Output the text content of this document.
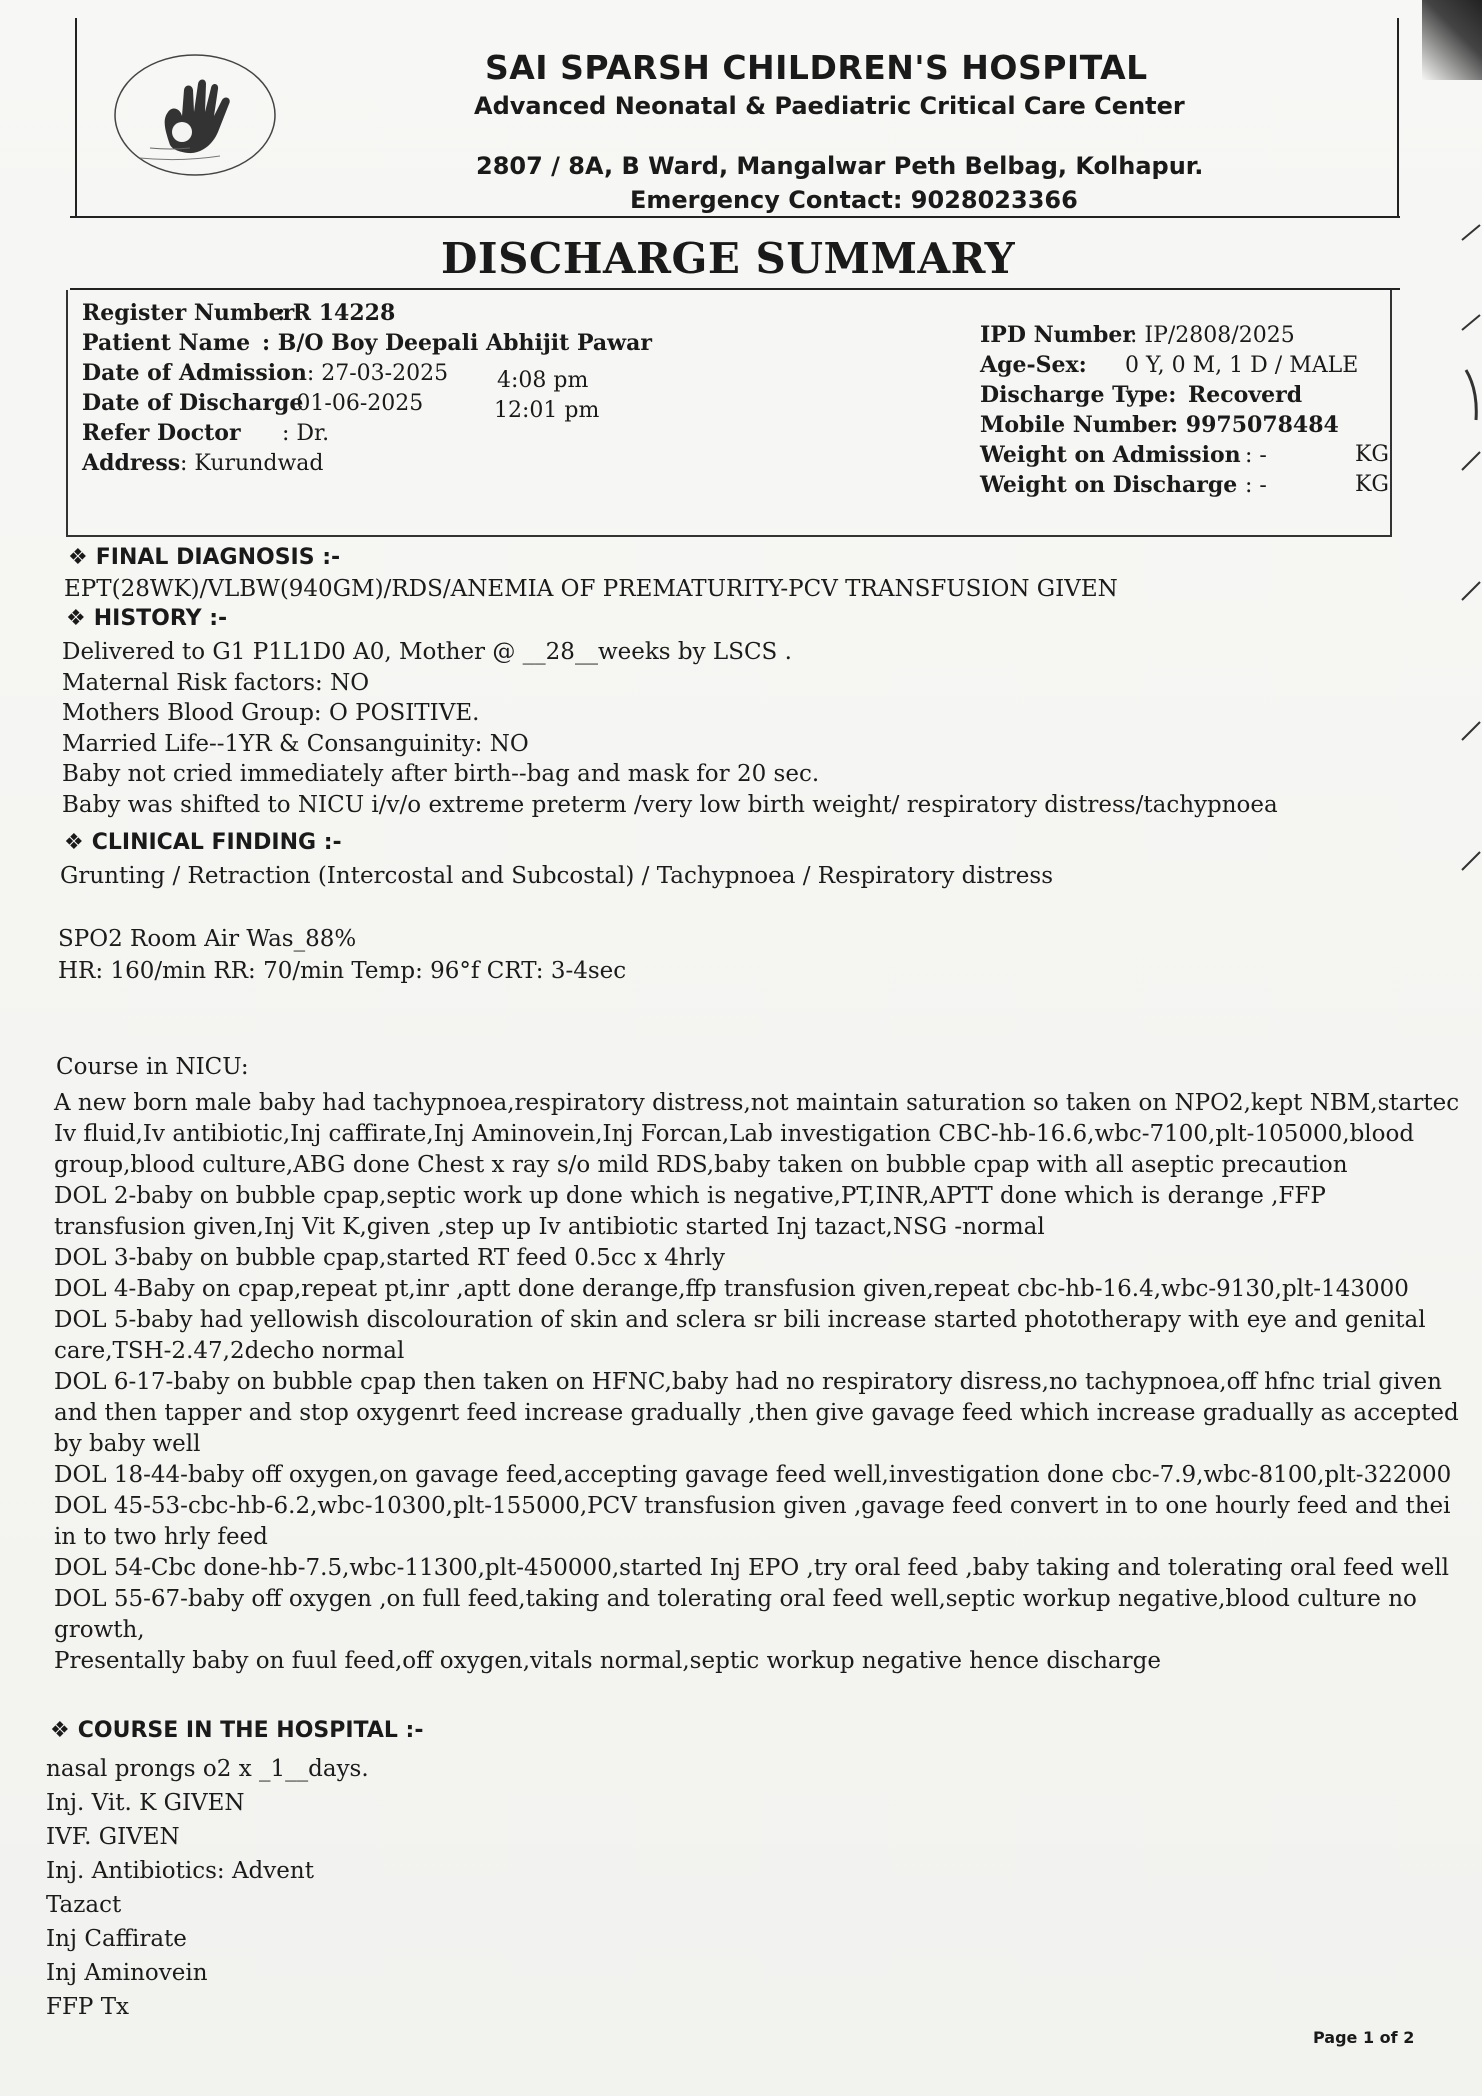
SAI SPARSH CHILDREN'S HOSPITAL
Advanced Neonatal & Paediatric Critical Care Center
2807 / 8A, B Ward, Mangalwar Peth Belbag, Kolhapur.
Emergency Contact: 9028023366
DISCHARGE SUMMARY
Register Number: R 14228
Patient Name : B/O Boy Deepali Abhijit Pawar
Date of Admission: 27-03-2025 4:08 pm
Date of Discharge: 01-06-2025	12:01 pm
Refer Doctor : Dr.
Address: Kurundwad
IPD Number: IP/2808/2025
Age-Sex: 0 Y, 0 M, 1 D / MALE
Discharge Type: Recoverd
Mobile Number: 9975078484
Weight on Admission : -	KG
Weight on Discharge : -	KG
❖ FINAL DIAGNOSIS :-
EPT(28WK)/VLBW(940GM)/RDS/ANEMIA OF PREMATURITY-PCV TRANSFUSION GIVEN
❖ HISTORY :-
Delivered to G1 P1L1D0 A0, Mother @ __28__weeks by LSCS .
Maternal Risk factors: NO
Mothers Blood Group: O POSITIVE.
Married Life--1YR & Consanguinity: NO
Baby not cried immediately after birth--bag and mask for 20 sec.
Baby was shifted to NICU i/v/o extreme preterm /very low birth weight/ respiratory distress/tachypnoea
❖ CLINICAL FINDING :-
Grunting / Retraction (Intercostal and Subcostal) / Tachypnoea / Respiratory distress
SPO2 Room Air Was_88%
HR: 160/min RR: 70/min Temp: 96°f CRT: 3-4sec
Course in NICU:
A new born male baby had tachypnoea,respiratory distress,not maintain saturation so taken on NPO2,kept NBM,startec
Iv fluid,Iv antibiotic,Inj caffirate,Inj Aminovein,Inj Forcan,Lab investigation CBC-hb-16.6,wbc-7100,plt-105000,blood
group,blood culture,ABG done Chest x ray s/o mild RDS,baby taken on bubble cpap with all aseptic precaution
DOL 2-baby on bubble cpap,septic work up done which is negative,PT,INR,APTT done which is derange ,FFP
transfusion given,Inj Vit K,given ,step up Iv antibiotic started Inj tazact,NSG -normal
DOL 3-baby on bubble cpap,started RT feed 0.5cc x 4hrly
DOL 4-Baby on cpap,repeat pt,inr ,aptt done derange,ffp transfusion given,repeat cbc-hb-16.4,wbc-9130,plt-143000
DOL 5-baby had yellowish discolouration of skin and sclera sr bili increase started phototherapy with eye and genital
care,TSH-2.47,2decho normal
DOL 6-17-baby on bubble cpap then taken on HFNC,baby had no respiratory disress,no tachypnoea,off hfnc trial given
and then tapper and stop oxygenrt feed increase gradually ,then give gavage feed which increase gradually as accepted
by baby well
DOL 18-44-baby off oxygen,on gavage feed,accepting gavage feed well,investigation done cbc-7.9,wbc-8100,plt-322000
DOL 45-53-cbc-hb-6.2,wbc-10300,plt-155000,PCV transfusion given ,gavage feed convert in to one hourly feed and thei
in to two hrly feed
DOL 54-Cbc done-hb-7.5,wbc-11300,plt-450000,started Inj EPO ,try oral feed ,baby taking and tolerating oral feed well
DOL 55-67-baby off oxygen ,on full feed,taking and tolerating oral feed well,septic workup negative,blood culture no
growth,
Presentally baby on fuul feed,off oxygen,vitals normal,septic workup negative hence discharge
❖ COURSE IN THE HOSPITAL :-
nasal prongs o2 x _1__days.
Inj. Vit. K GIVEN
IVF. GIVEN
Inj. Antibiotics: Advent
Tazact
Inj Caffirate
Inj Aminovein
FFP Tx
Page 1 of 2
